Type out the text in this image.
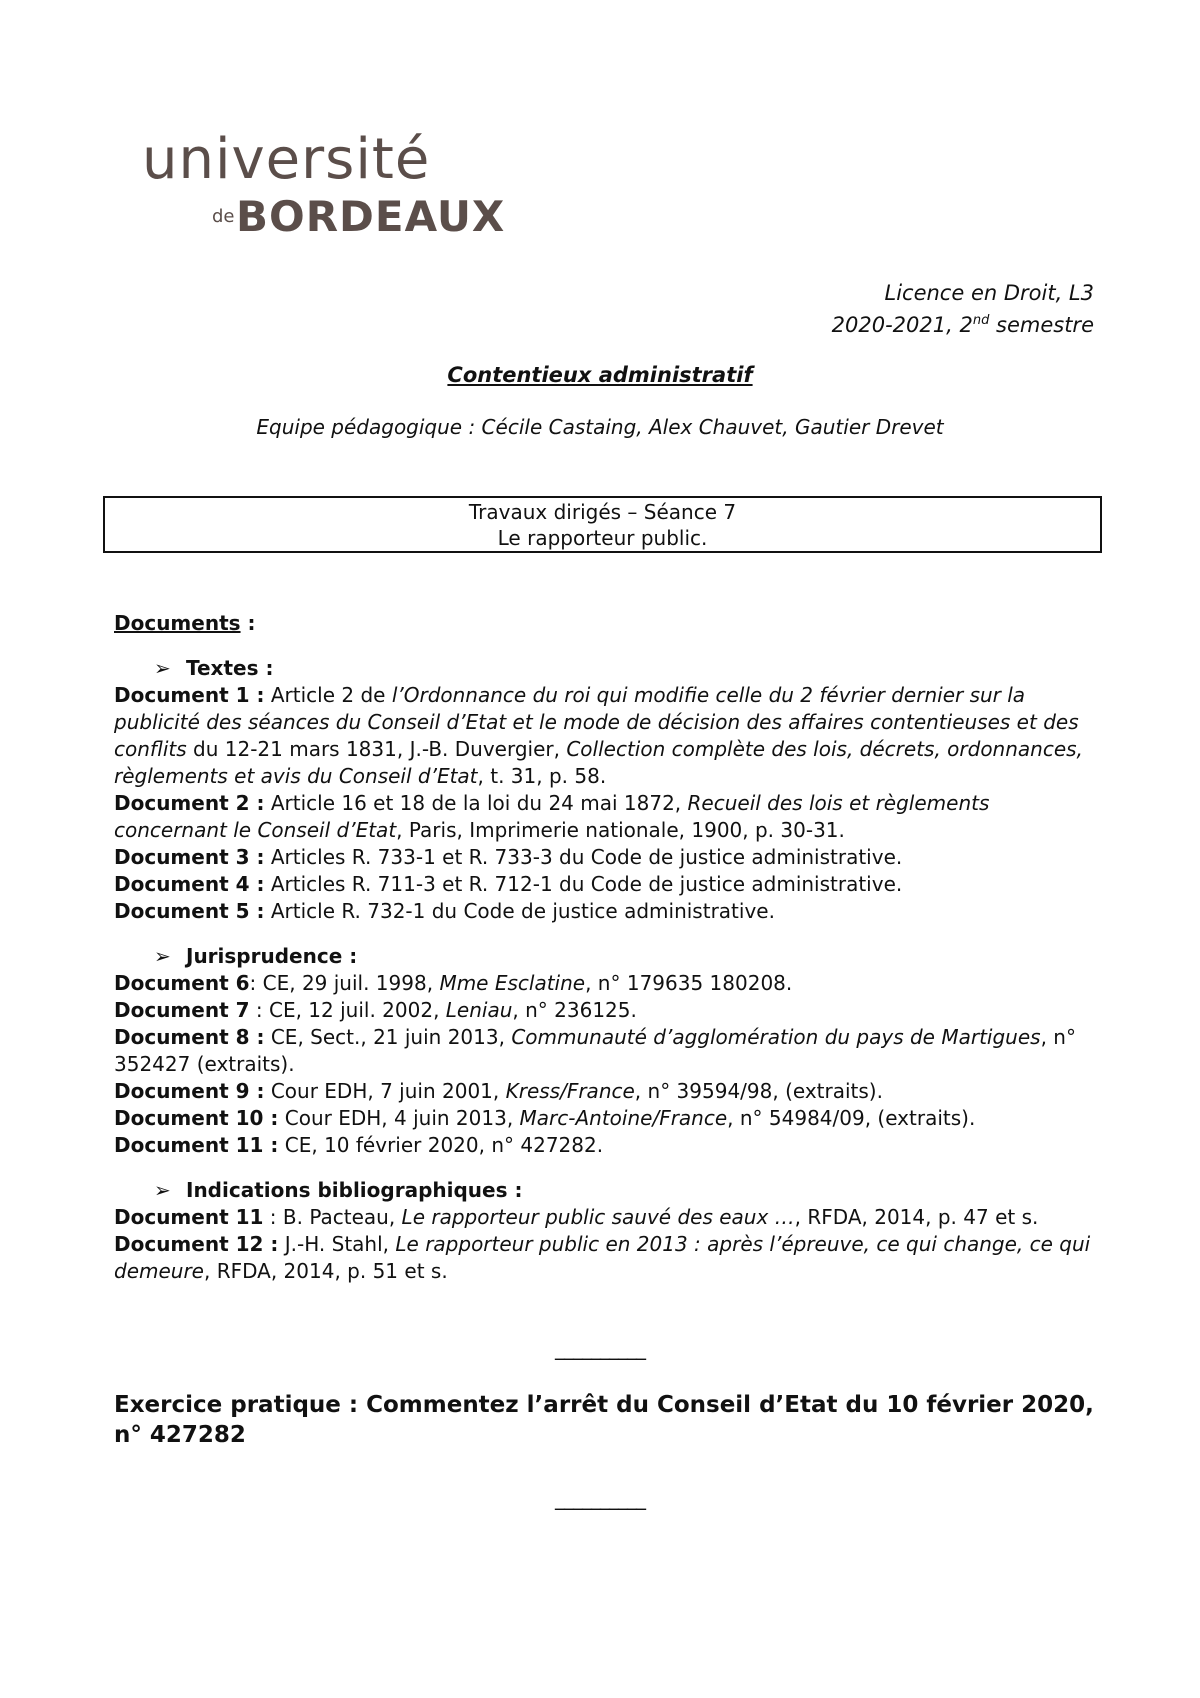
université
de BORDEAUX
Licence en Droit, L3
2020-2021, 2nd semestre
Contentieux administratif
Equipe pédagogique : Cécile Castaing, Alex Chauvet, Gautier Drevet
Travaux dirigés – Séance 7
Le rapporteur public.
Documents :
➢ Textes :

Document 1 : Article 2 de l’Ordonnance du roi qui modifie celle du 2 février dernier sur la publicité des séances du Conseil d’Etat et le mode de décision des affaires contentieuses et des conflits du 12-21 mars 1831, J.-B. Duvergier, Collection complète des lois, décrets, ordonnances, règlements et avis du Conseil d’Etat, t. 31, p. 58.

Document 2 : Article 16 et 18 de la loi du 24 mai 1872, Recueil des lois et règlements concernant le Conseil d’Etat, Paris, Imprimerie nationale, 1900, p. 30-31.

Document 3 : Articles R. 733-1 et R. 733-3 du Code de justice administrative.

Document 4 : Articles R. 711-3 et R. 712-1 du Code de justice administrative.

Document 5 : Article R. 732-1 du Code de justice administrative.

➢ Jurisprudence :

Document 6: CE, 29 juil. 1998, Mme Esclatine, n° 179635 180208.

Document 7 : CE, 12 juil. 2002, Leniau, n° 236125.

Document 8 : CE, Sect., 21 juin 2013, Communauté d’agglomération du pays de Martigues, n° 352427 (extraits).

Document 9 : Cour EDH, 7 juin 2001, Kress/France, n° 39594/98, (extraits).

Document 10 : Cour EDH, 4 juin 2013, Marc-Antoine/France, n° 54984/09, (extraits).

Document 11 : CE, 10 février 2020, n° 427282.

➢ Indications bibliographiques :

Document 11 : B. Pacteau, Le rapporteur public sauvé des eaux …, RFDA, 2014, p. 47 et s.

Document 12 : J.-H. Stahl, Le rapporteur public en 2013 : après l’épreuve, ce qui change, ce qui demeure, RFDA, 2014, p. 51 et s.

__________
Exercice pratique : Commentez l’arrêt du Conseil d’Etat du 10 février 2020, n° 427282
__________
